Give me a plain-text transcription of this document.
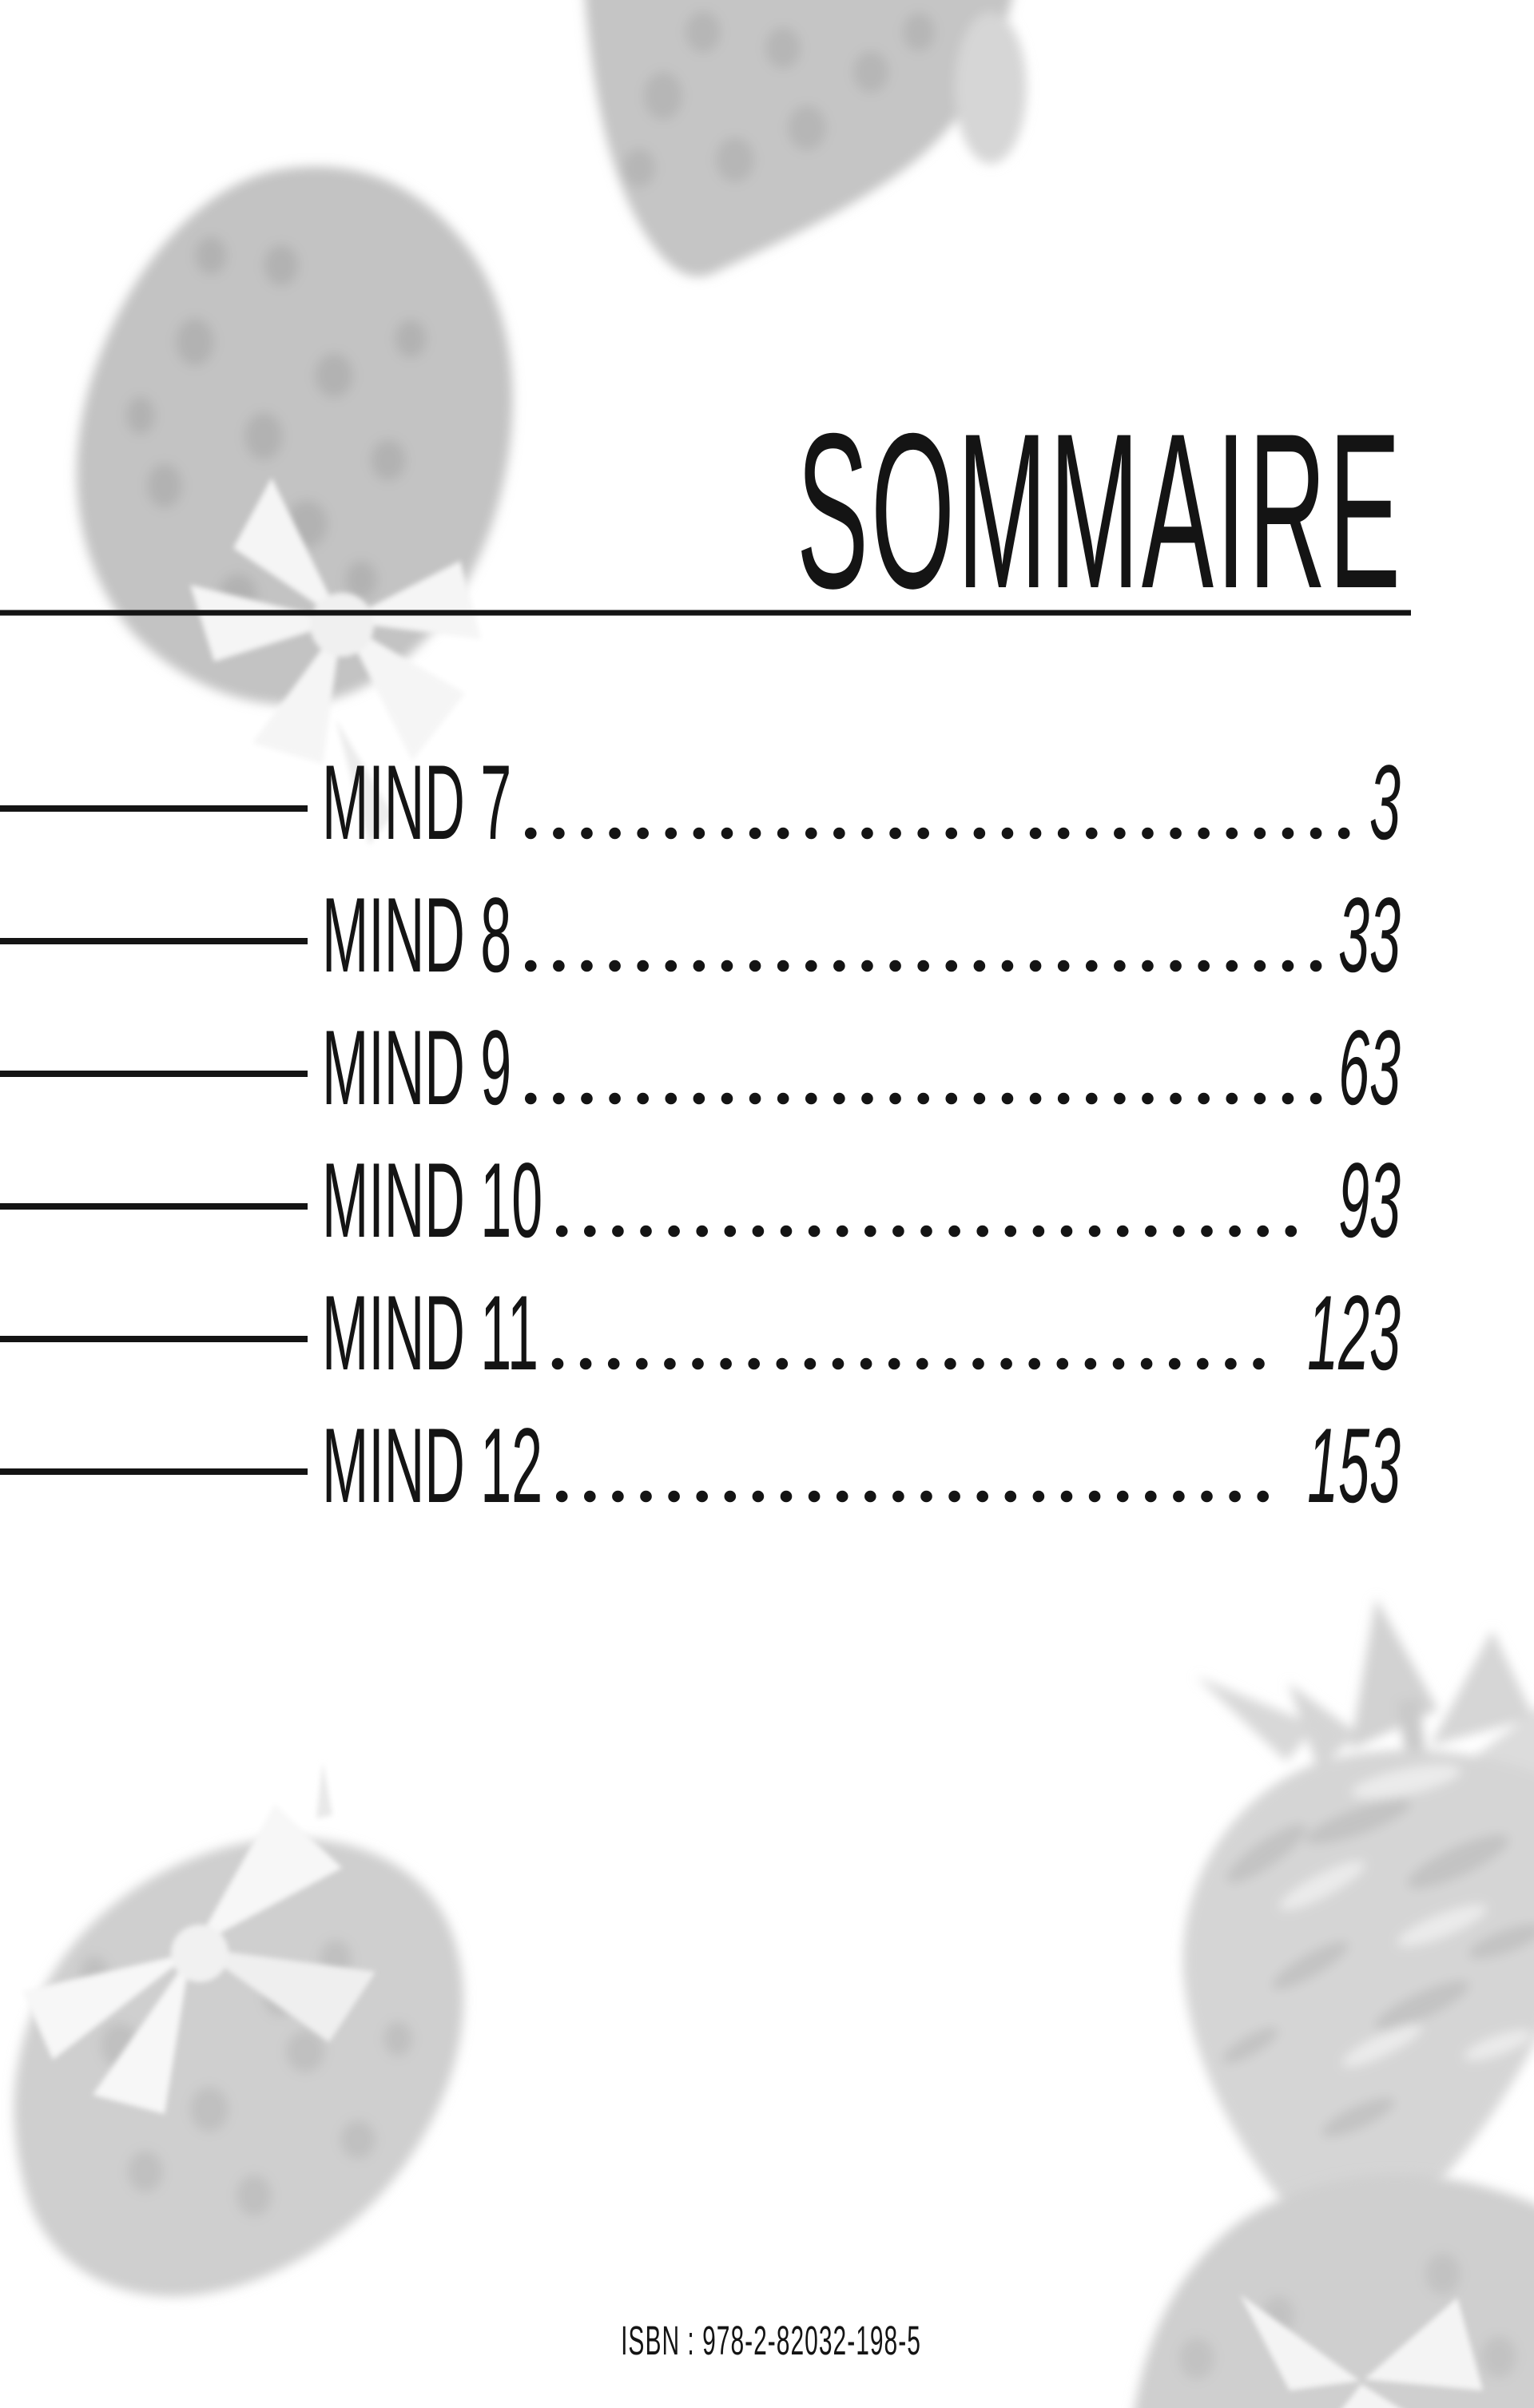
SOMMAIRE
MIND 7	3
MIND 8	33
MIND 9	63
MIND 10	93
MIND 11	123
MIND 12	153
ISBN : 978-2-82032-198-5
